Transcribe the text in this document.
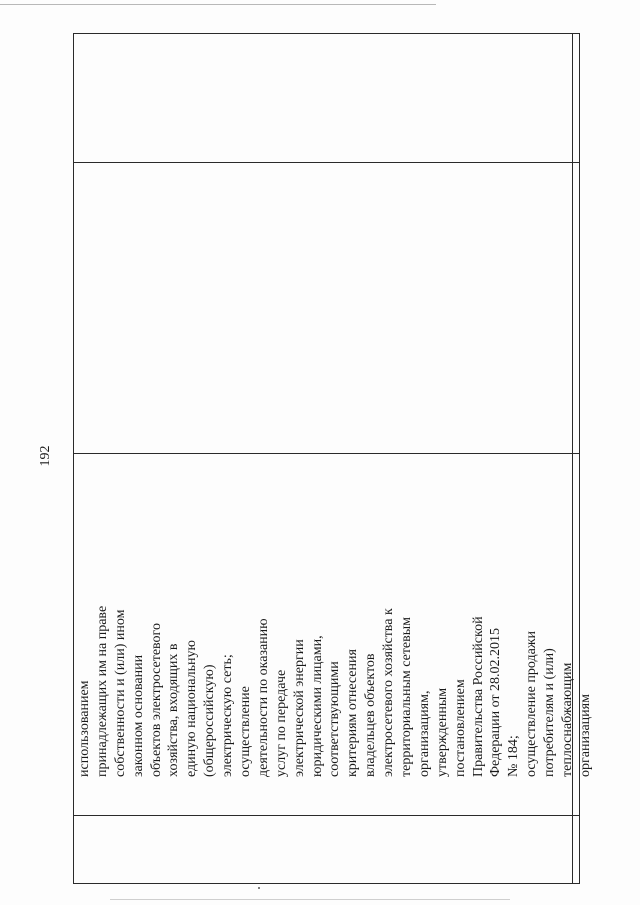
192
использованием принадлежащих им на праве собственности и (или) ином законном основании объектов электросетевого хозяйства, входящих в единую национальную (общероссийскую) электрическую сеть; осуществление деятельности по оказанию услуг по передаче электрической энергии юридическими лицами, соответствующими критериям отнесения владельцев объектов электросетевого хозяйства к территориальным сетевым организациям, утвержденным постановлением Правительства Российской Федерации от 28.02.2015 № 184; осуществление продажи потребителям и (или) теплоснабжающим организациям
